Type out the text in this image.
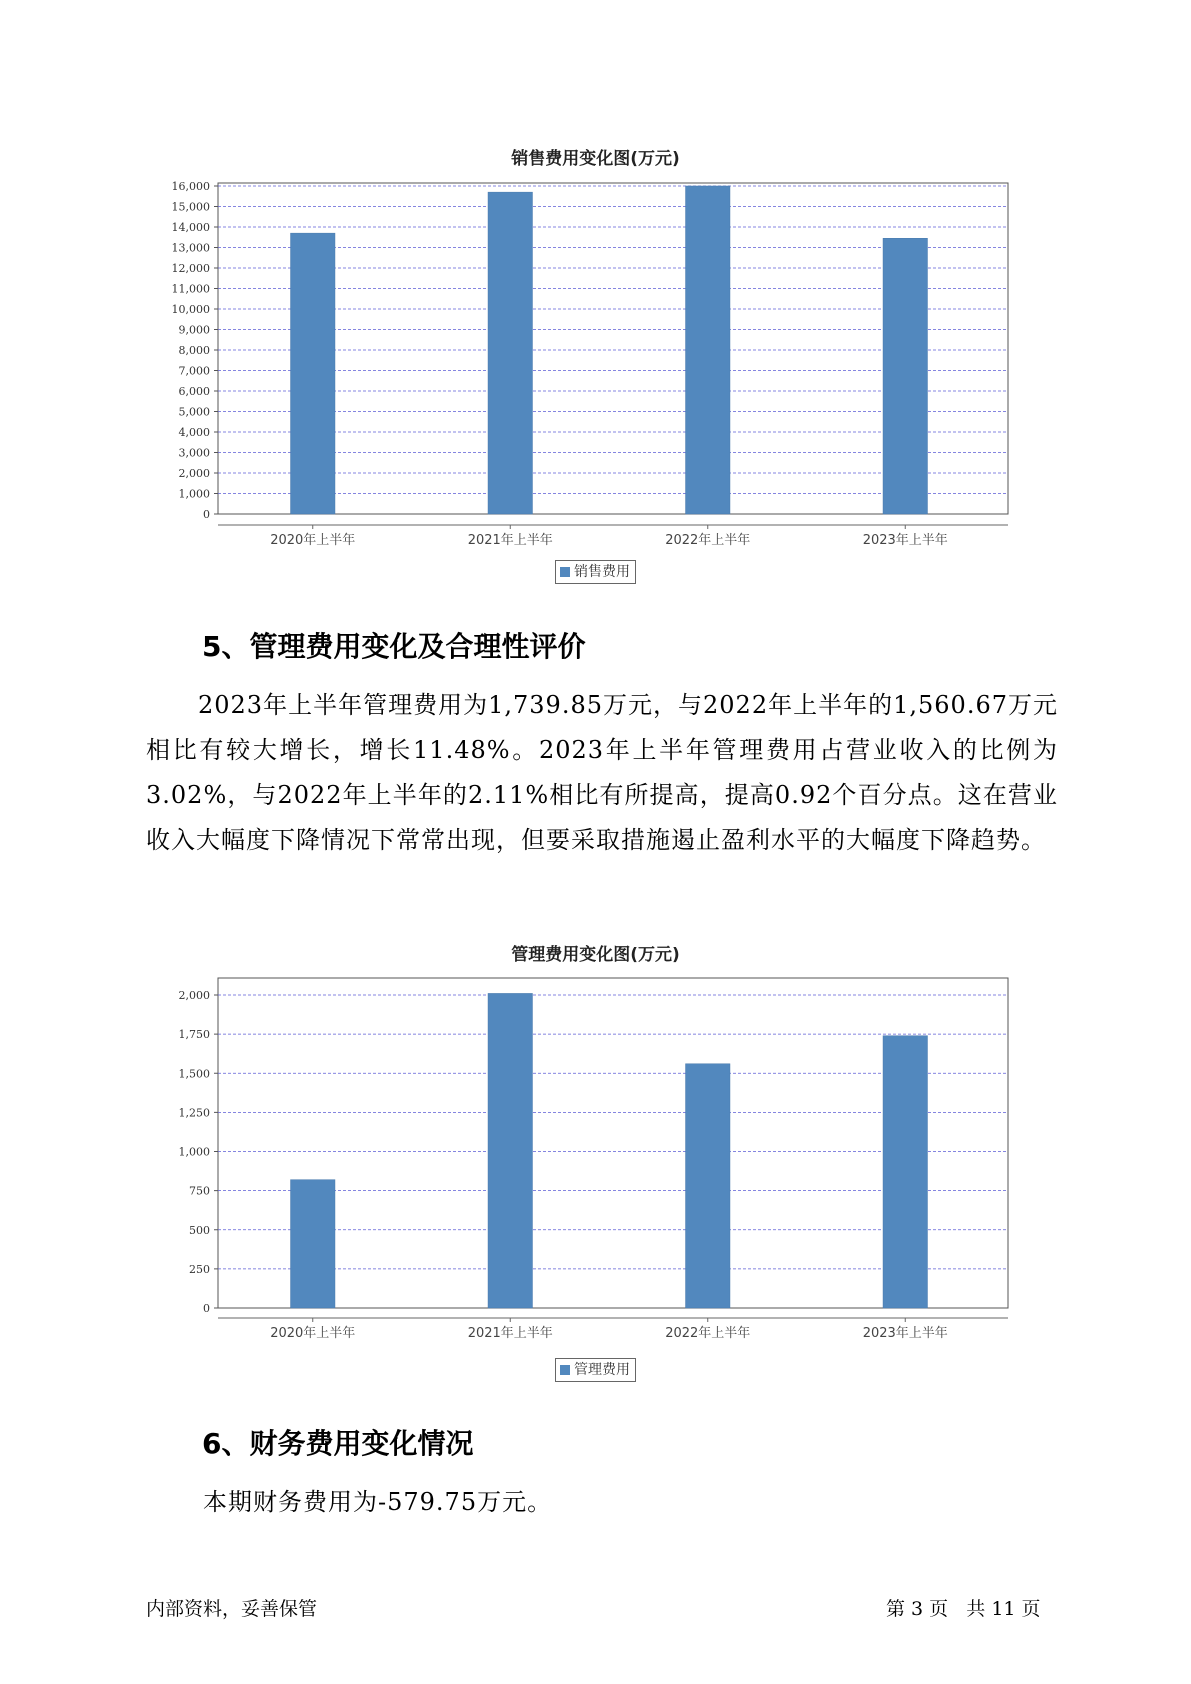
销售费用变化图(万元)
0
1,000
2,000
3,000
4,000
5,000
6,000
7,000
8,000
9,000
10,000
11,000
12,000
13,000
14,000
15,000
16,000
2020年上半年	2021年上半年	2022年上半年	2023年上半年
销售费用
5、管理费用变化及合理性评价
2023年上半年管理费用为1,739.85万元，与2022年上半年的1,560.67万元相比有较大增长，增长11.48%。2023年上半年管理费用占营业收入的比例为3.02%，与2022年上半年的2.11%相比有所提高，提高0.92个百分点。这在营业收入大幅度下降情况下常常出现，但要采取措施遏止盈利水平的大幅度下降趋势。
管理费用变化图(万元)
0
250
500
750
1,000
1,250
1,500
1,750
2,000
2020年上半年	2021年上半年	2022年上半年	2023年上半年
管理费用
6、财务费用变化情况
本期财务费用为-579.75万元。
内部资料，妥善保管	第 3 页   共 11 页
